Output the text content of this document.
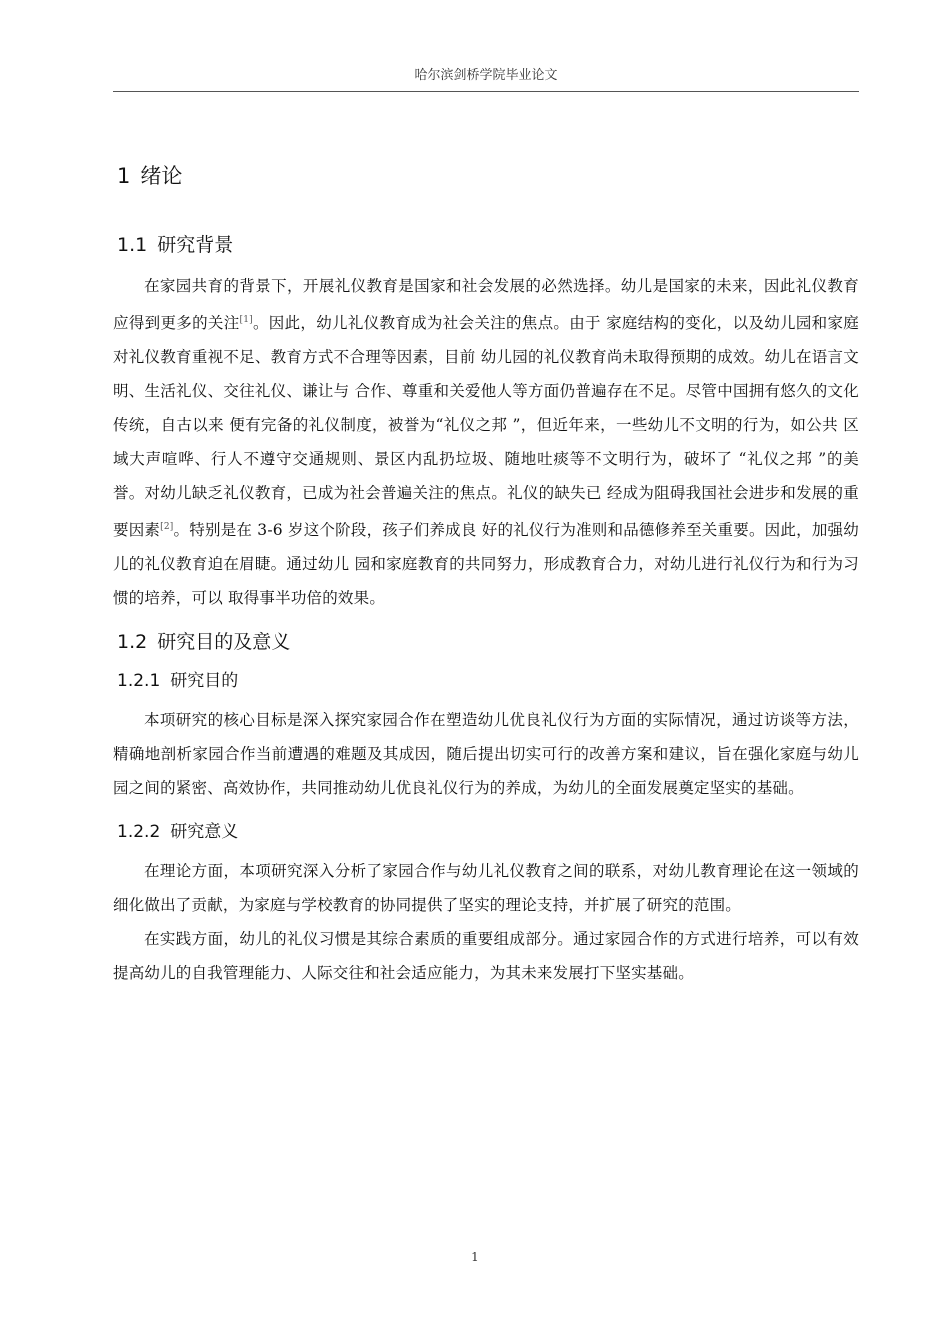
哈尔滨剑桥学院毕业论文
1 绪论
1.1 研究背景

在家园共育的背景下，开展礼仪教育是国家和社会发展的必然选择。幼儿是国家的未来，因此礼仪教育应得到更多的关注[1]。因此，幼儿礼仪教育成为社会关注的焦点。由于 家庭结构的变化，以及幼儿园和家庭对礼仪教育重视不足、教育方式不合理等因素，目前 幼儿园的礼仪教育尚未取得预期的成效。幼儿在语言文明、生活礼仪、交往礼仪、谦让与 合作、尊重和关爱他人等方面仍普遍存在不足。尽管中国拥有悠久的文化传统，自古以来 便有完备的礼仪制度，被誉为“礼仪之邦 ”，但近年来，一些幼儿不文明的行为，如公共 区域大声喧哗、行人不遵守交通规则、景区内乱扔垃圾、随地吐痰等不文明行为，破坏了 “礼仪之邦 ”的美誉。对幼儿缺乏礼仪教育，已成为社会普遍关注的焦点。礼仪的缺失已 经成为阻碍我国社会进步和发展的重要因素[2]。特别是在 3-6 岁这个阶段，孩子们养成良 好的礼仪行为准则和品德修养至关重要。因此，加强幼儿的礼仪教育迫在眉睫。通过幼儿 园和家庭教育的共同努力，形成教育合力，对幼儿进行礼仪行为和行为习惯的培养，可以 取得事半功倍的效果。

1.2 研究目的及意义
1.2.1 研究目的

本项研究的核心目标是深入探究家园合作在塑造幼儿优良礼仪行为方面的实际情况，通过访谈等方法，精确地剖析家园合作当前遭遇的难题及其成因，随后提出切实可行的改善方案和建议，旨在强化家庭与幼儿园之间的紧密、高效协作，共同推动幼儿优良礼仪行为的养成，为幼儿的全面发展奠定坚实的基础。

1.2.2 研究意义

在理论方面，本项研究深入分析了家园合作与幼儿礼仪教育之间的联系，对幼儿教育理论在这一领域的细化做出了贡献，为家庭与学校教育的协同提供了坚实的理论支持，并扩展了研究的范围。

在实践方面，幼儿的礼仪习惯是其综合素质的重要组成部分。通过家园合作的方式进行培养，可以有效提高幼儿的自我管理能力、人际交往和社会适应能力，为其未来发展打下坚实基础。

1
